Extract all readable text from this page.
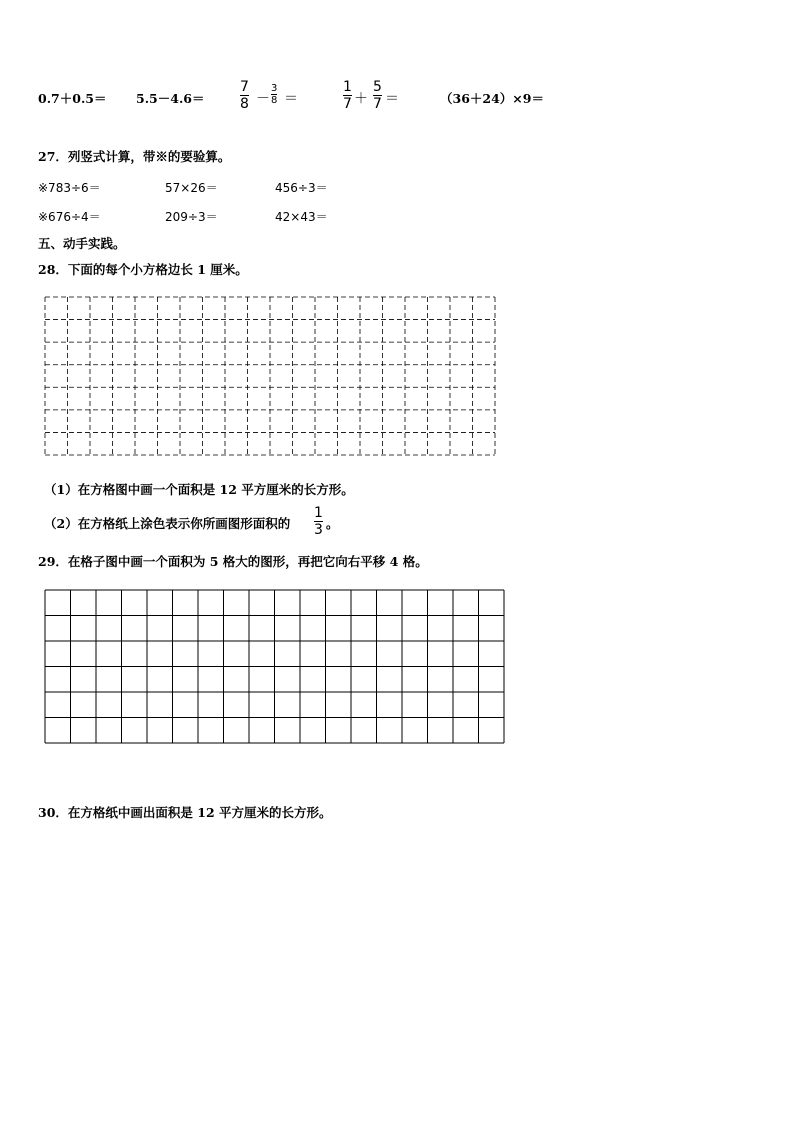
0.7＋0.5＝ 5.5－4.6＝
7
8 －
3
8 ＝
1
7 ＋
5
7 ＝	（36＋24）×9＝
27．列竖式计算，带※的要验算。
※783÷6＝	57×26＝	456÷3＝
※676÷4＝	209÷3＝	42×43＝
五、动手实践。
28．下面的每个小方格边长 1 厘米。
（1）在方格图中画一个面积是 12 平方厘米的长方形。
（2）在方格纸上涂色表示你所画图形面积的
1
3 。
29．在格子图中画一个面积为 5 格大的图形，再把它向右平移 4 格。
30．在方格纸中画出面积是 12 平方厘米的长方形。
